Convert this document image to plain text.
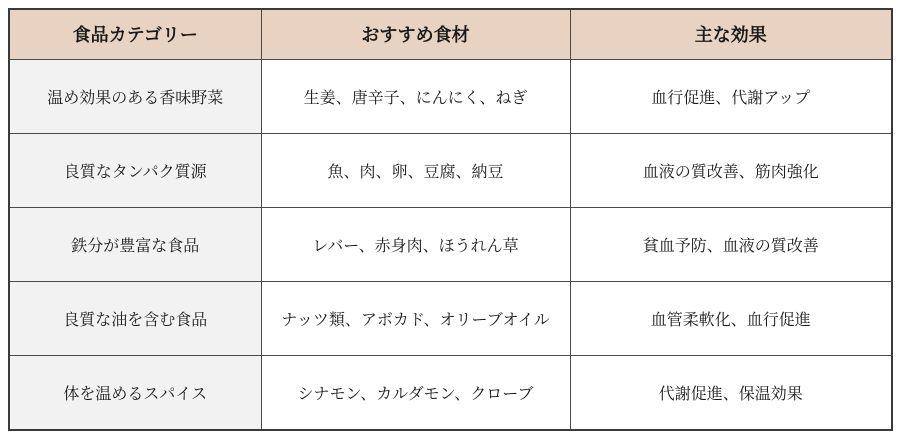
食品カテゴリー	おすすめ食材	主な効果
温め効果のある香味野菜	生姜、唐辛子、にんにく、ねぎ	血行促進、代謝アップ
良質なタンパク質源	魚、肉、卵、豆腐、納豆	血液の質改善、筋肉強化
鉄分が豊富な食品	レバー、赤身肉、ほうれん草	貧血予防、血液の質改善
良質な油を含む食品	ナッツ類、アボカド、オリーブオイル	血管柔軟化、血行促進
体を温めるスパイス	シナモン、カルダモン、クローブ	代謝促進、保温効果
